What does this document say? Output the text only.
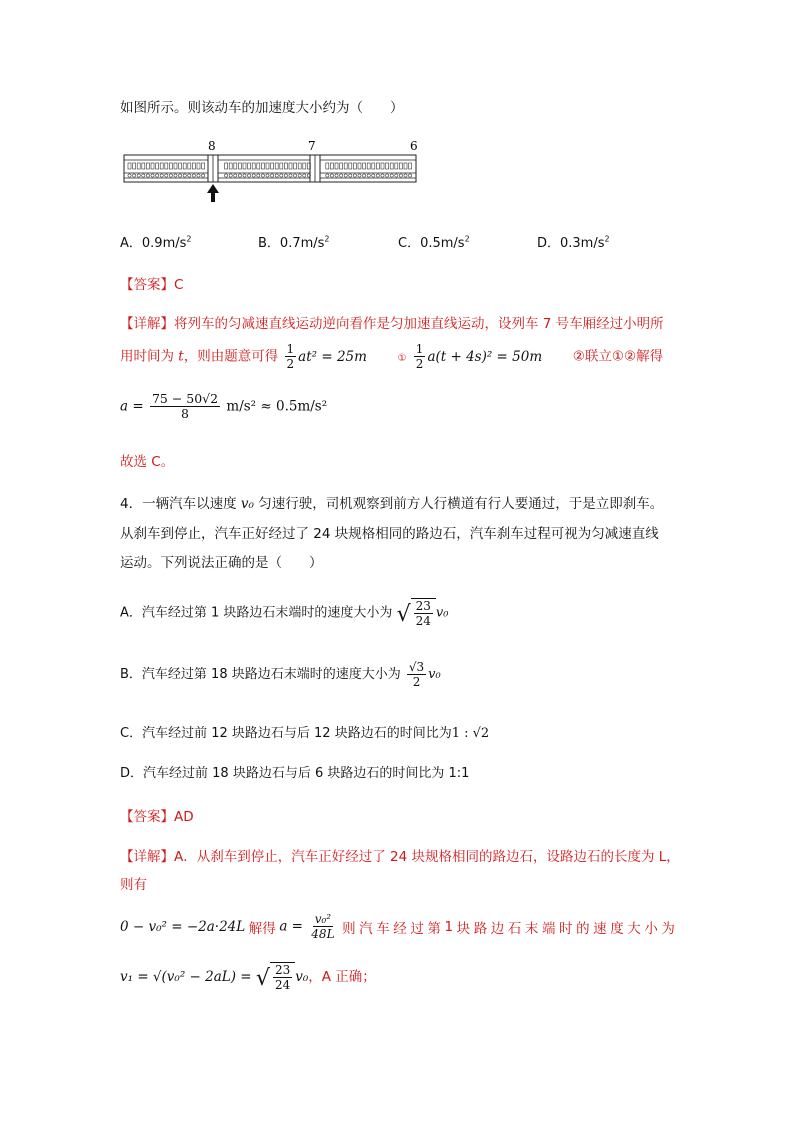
如图所示。则该动车的加速度大小约为（　　）
8	7	6
A．$0.9m/s^2$	B．$0.7m/s^2$	C．$0.5m/s^2$	D．$0.3m/s^2$
【答案】C
【详解】将列车的匀减速直线运动逆向看作是匀加速直线运动，设列车 7 号车厢经过小明所
用时间为 t，则由题意可得 $\frac{1}{2} at^2 = 25m$	① $\frac{1}{2} a(t + 4s)^2 = 50m$ ②联立①②解得
$a = \frac{75 - 50√2}{8} m/s^2 \approx 0.5m/s^2$
故选 C。
4．一辆汽车以速度 v₀ 匀速行驶，司机观察到前方人行横道有行人要通过，于是立即刹车。
从刹车到停止，汽车正好经过了 24 块规格相同的路边石，汽车刹车过程可视为匀减速直线
运动。下列说法正确的是（　　）
A．汽车经过第 1 块路边石末端时的速度大小为 √ $\frac{23}{24} v_0$
B．汽车经过第 18 块路边石末端时的速度大小为 $\frac{√3}{2} v_0$
C．汽车经过前 12 块路边石与后 12 块路边石的时间比为1 : √2
D．汽车经过前 18 块路边石与后 6 块路边石的时间比为 1:1
【答案】AD
【详解】A．从刹车到停止，汽车正好经过了 24 块规格相同的路边石，设路边石的长度为 L，
则有
0 − v₀² = −2a·24L 解得 $a = \frac{\text{v₀²}}{48L}$ 则 汽 车 经 过 第 1 块 路 边 石 末 端 时 的 速 度 大 小 为
v₁ = √(v₀² − 2aL) = √ $\frac{23}{24} v_0$，A 正确；
